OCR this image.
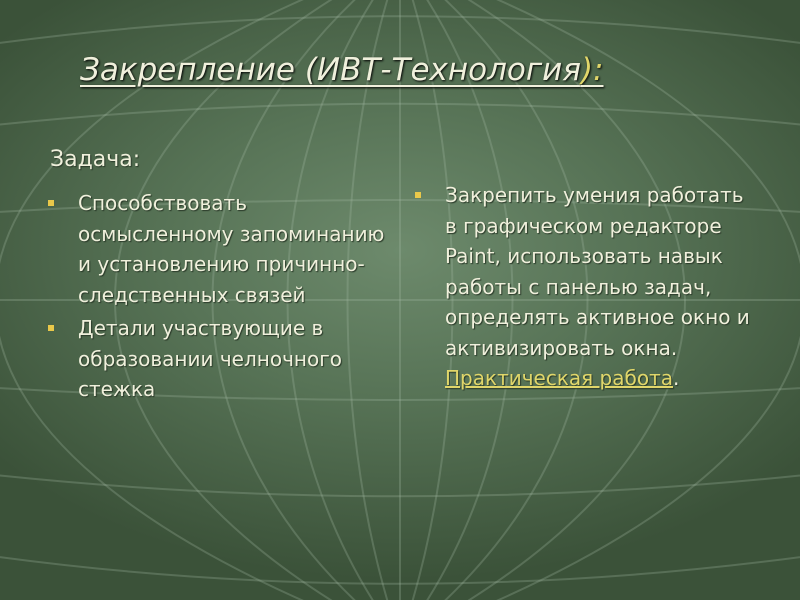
Закрепление (ИВТ-Технология):
Задача:
Способствовать осмысленному запоминанию и установлению причинно-следственных связей
Детали участвующие в образовании челночного стежка
Закрепить умения работать в графическом редакторе Paint, использовать навык работы с панелью задач, определять активное окно и активизировать окна. Практическая работа.
